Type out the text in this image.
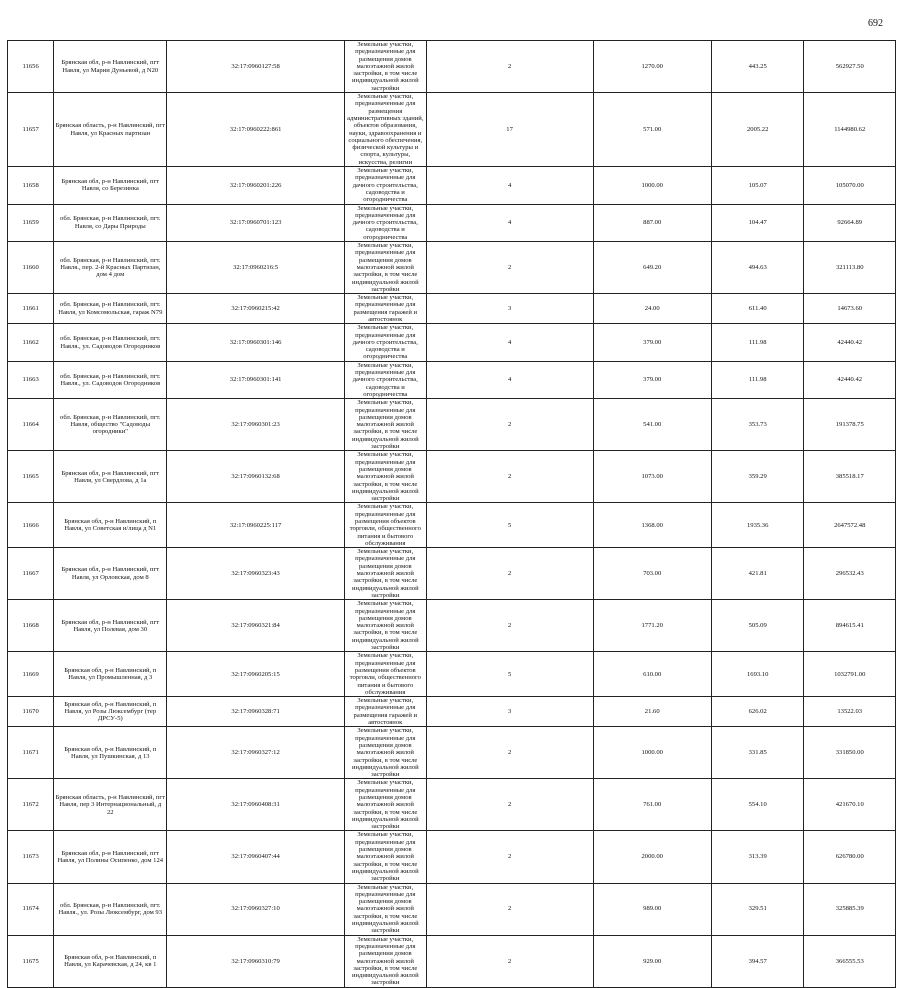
692
11656	Брянская обл, р-н Навлинский, пгт Навля, ул Марии Дуньевой, д N20	32:17:0960127:58	Земельные участки, предназначенные для размещения домов малоэтажной жилой застройки, в том числе индивидуальной жилой застройки	2	1270.00	443.25	562927.50
11657	Брянская область, р-н Навлинский, пгт Навля, ул Красных партизан	32:17:0960222:861	Земельные участки, предназначенные для размещения административных зданий, объектов образования, науки, здравоохранения и социального обеспечения, физической культуры и спорта, культуры, искусства, религии	17	571.00	2005.22	1144980.62
11658	Брянская обл, р-н Навлинский, пгт Навля, со Березинка	32:17:0960201:226	Земельные участки, предназначенные для дачного строительства, садоводства и огородничества	4	1000.00	105.07	105070.00
11659	обл. Брянская, р-н Навлинский, пгт. Навля, со Дары Природы	32:17:0960701:123	Земельные участки, предназначенные для дачного строительства, садоводства и огородничества	4	887.00	104.47	92664.89
11660	обл. Брянская, р-н Навлинский, пгт. Навля., пер. 2-й Красных Партизан, дом 4 дом	32:17:0960216:5	Земельные участки, предназначенные для размещения домов малоэтажной жилой застройки, в том числе индивидуальной жилой застройки	2	649.20	494.63	321113.80
11661	обл. Брянская, р-н Навлинский, пгт. Навля, ул Комсомольская, гараж N79	32:17:0960215:42	Земельные участки, предназначенные для размещения гаражей и автостоянок	3	24.00	611.40	14673.60
11662	обл. Брянская, р-н Навлинский, пгт. Навля., ул. Садоводов Огородников	32:17:0960301:146	Земельные участки, предназначенные для дачного строительства, садоводства и огородничества	4	379.00	111.98	42440.42
11663	обл. Брянская, р-н Навлинский, пгт. Навля., ул. Садоводов Огородников	32:17:0960301:141	Земельные участки, предназначенные для дачного строительства, садоводства и огородничества	4	379.00	111.98	42440.42
11664	обл. Брянская, р-н Навлинский, пгт. Навля, общество "Садоводы огородники"	32:17:0960301:23	Земельные участки, предназначенные для размещения домов малоэтажной жилой застройки, в том числе индивидуальной жилой застройки	2	541.00	353.73	191378.75
11665	Брянская обл, р-н Навлинский, пгт Навля, ул Свердлова, д 1а	32:17:0960132:68	Земельные участки, предназначенные для размещения домов малоэтажной жилой застройки, в том числе индивидуальной жилой застройки	2	1073.00	359.29	385518.17
11666	Брянская обл, р-н Навлинский, п Навля, ул Советская и/лица д N1	32:17:0960225:117	Земельные участки, предназначенные для размещения объектов торговли, общественного питания и бытового обслуживания	5	1368.00	1935.36	2647572.48
11667	Брянская обл, р-н Навлинский, пгт Навля, ул Орловская, дом 8	32:17:0960323:43	Земельные участки, предназначенные для размещения домов малоэтажной жилой застройки, в том числе индивидуальной жилой застройки	2	703.00	421.81	296532.43
11668	Брянская обл, р-н Навлинский, пгт Навля, ул Полевая, дом 30	32:17:0960321:84	Земельные участки, предназначенные для размещения домов малоэтажной жилой застройки, в том числе индивидуальной жилой застройки	2	1771.20	505.09	894615.41
11669	Брянская обл, р-н Навлинский, п Навля, ул Промышленная, д 3	32:17:0960205:15	Земельные участки, предназначенные для размещения объектов торговли, общественного питания и бытового обслуживания	5	610.00	1693.10	1032791.00
11670	Брянская обл, р-н Навлинский, п Навля, ул Розы Люксембург (тер ДРСУ-5)	32:17:0960328:71	Земельные участки, предназначенные для размещения гаражей и автостоянок	3	21.60	626.02	13522.03
11671	Брянская обл, р-н Навлинский, п Навля, ул Пушкинская, д 13	32:17:0960327:12	Земельные участки, предназначенные для размещения домов малоэтажной жилой застройки, в том числе индивидуальной жилой застройки	2	1000.00	331.85	331850.00
11672	Брянская область, р-н Навлинский, пгт Навля, пер 3 Интернациональный, д 22	32:17:0960408:31	Земельные участки, предназначенные для размещения домов малоэтажной жилой застройки, в том числе индивидуальной жилой застройки	2	761.00	554.10	421670.10
11673	Брянская обл, р-н Навлинский, пгт Навля, ул Полины Осипенко, дом 124	32:17:0960407:44	Земельные участки, предназначенные для размещения домов малоэтажной жилой застройки, в том числе индивидуальной жилой застройки	2	2000.00	313.39	626780.00
11674	обл. Брянская, р-н Навлинский, пгт. Навля., ул. Розы Люксембург, дом 93	32:17:0960327:10	Земельные участки, предназначенные для размещения домов малоэтажной жилой застройки, в том числе индивидуальной жилой застройки	2	989.00	329.51	325885.39
11675	Брянская обл, р-н Навлинский, п Навля, ул Карачевская, д 24, кв 1	32:17:0960310:79	Земельные участки, предназначенные для размещения домов малоэтажной жилой застройки, в том числе индивидуальной жилой застройки	2	929.00	394.57	366555.53
